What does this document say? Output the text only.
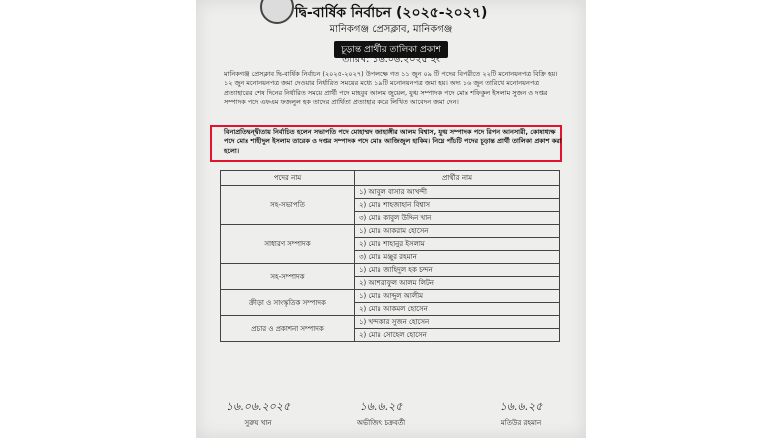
দ্বি-বার্ষিক নির্বাচন (২০২৫-২০২৭)
মানিকগঞ্জ প্রেসক্লাব, মানিকগঞ্জ
চূড়ান্ত প্রার্থীর তালিকা প্রকাশ
তারিখ: ১৬.০৬.২০২৫ ইং
মানিকগঞ্জ প্রেসক্লাব দ্বি-বার্ষিক নির্বাচন (২০২৫-২০২৭) উপলক্ষে গত ১১ জুন ০৯ টি পদের বিপরীতে ২২টি মনোনয়নপত্র বিক্রি হয়। ১২ জুন মনোনয়নপত্র জমা দেওয়ার নির্ধারিত সময়ের মধ্যে ১৯টি মনোনয়নপত্র জমা হয়। অদ্য ১৬ জুন তারিখে মনোনয়নপত্র প্রত্যাহারের শেষ দিনের নির্ধারিত সময়ে প্রার্থী পদে মাহবুব আলম জুয়েল, যুগ্ম সম্পাদক পদে মোঃ শফিকুল ইসলাম সুজন ও দপ্তর সম্পাদক পদে এফএম ফজলুল হক তাদের প্রার্থিতা প্রত্যাহার করে লিখিত আবেদন জমা দেন।
বিনাপ্রতিদ্বন্দ্বীতায় নির্বাচিত হলেন সভাপতি পদে মোহাম্মদ জাহাঙ্গীর আলম বিশ্বাস, যুগ্ম সম্পাদক পদে রিপন আনসারী, কোষাধ্যক্ষ পদে মোঃ শাহীদুল ইসলাম তারেক ও দপ্তর সম্পাদক পদে মোঃ আজিজুল হাকিম। নিম্নে পাঁচটি পদের চূড়ান্ত প্রার্থী তালিকা প্রকাশ করা হলো।
পদের নাম	প্রার্থীর নাম
সহ-সভাপতি	১) আবুল বাসার আখন্দী
	২) মোঃ শাহজাহান বিশ্বাস
	৩) মোঃ কাবুল উদ্দিন খান
সাধারণ সম্পাদক	১) মোঃ আকরাম হোসেন
	২) মোঃ শাহানুর ইসলাম
	৩) মোঃ মঞ্জুর রহমান
সহ-সম্পাদক	১) মোঃ জাহিদুল হক চন্দন
	২) আশরাফুল আলম লিটন
ক্রীড়া ও সাংস্কৃতিক সম্পাদক	১) মোঃ আব্দুল আলীম
	২) মোঃ আকমল হোসেন
প্রচার ও প্রকাশনা সম্পাদক	১) খন্দকার সুজন হোসেন
	২) মোঃ সোহেল হোসেন
১৬.০৬.২০২৫
সুরুয খান
১৬.৬.২৫
অভীজিৎ চক্রবর্তী
১৬.৬.২৫
মতিউর রহমান
